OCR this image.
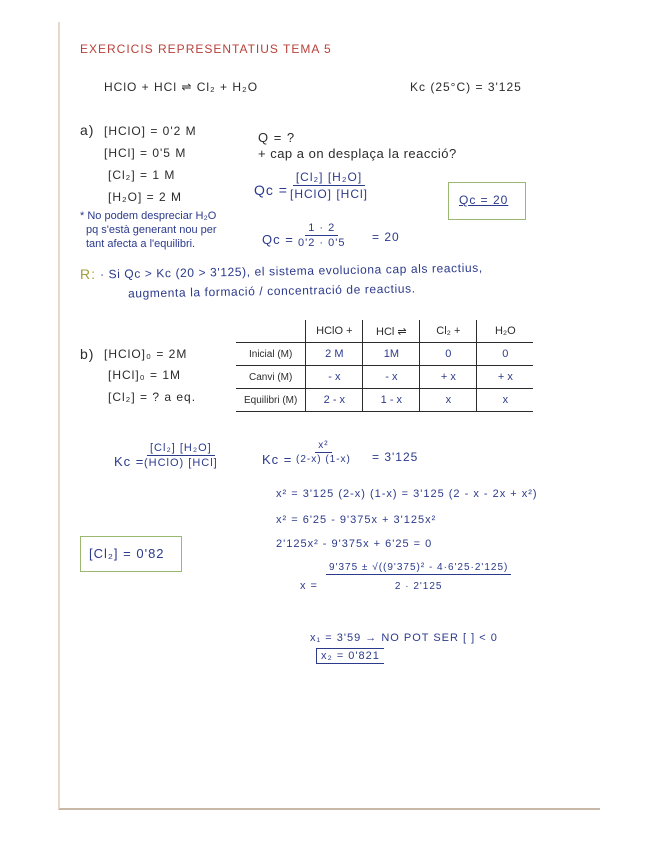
EXERCICIS REPRESENTATIUS TEMA 5
HClO + HCl ⇌ Cl₂ + H₂O	Kc (25°C) = 3'125
a) [HClO] = 0'2 M
[HCl] = 0'5 M
[Cl₂] = 1 M
[H₂O] = 2 M
* No podem despreciar H₂O
pq s'està generant nou per
tant afecta a l'equilibri.
Q = ?
+ cap a on desplaça la reacció?
Qc =
[Cl₂] [H₂O]
[HClO] [HCl]
$Qc = \frac{1 \cdot 2}{0'2 \cdot 0'5} = 20$
Qc = 20
R: · Si Qc > Kc (20 > 3'125), el sistema evoluciona cap als reactius,
augmenta la formació / concentració de reactius.
b) [HClO]₀ = 2M
[HCl]₀ = 1M
[Cl₂] = ? a eq.
	HClO +	HCl ⇌	Cl₂ +	H₂O
Inicial (M)	2 M	1M	0	0
Canvi (M)	- x	- x	+ x	+ x
Equilibri (M)	2 - x	1 - x	x	x
Kc =
[Cl₂] [H₂O]
(HClO) [HCl]	$Kc = \frac{\text{x²}}{(2-x) (1-x)} = 3'125$
x² = 3'125 (2-x) (1-x) = 3'125 (2 - x - 2x + x²)
x² = 6'25 - 9'375x + 3'125x²
2'125x² - 9'375x + 6'25 = 0
$x = \frac{\text{9'375 ± √((9'375)² - 4·6'25·2'125)}}{2 \cdot 2'125}$
x₁ = 3'59 → NO POT SER [ ] < 0
x₂ = 0'821
[Cl₂] = 0'82
